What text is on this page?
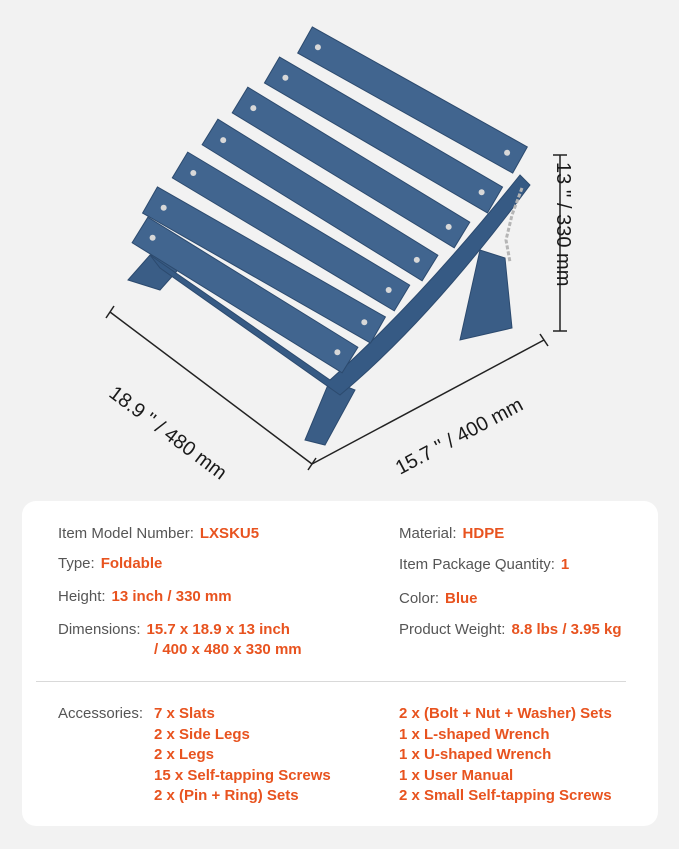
18.9 '' / 480 mm	15.7 '' / 400 mm
13 '' / 330 mm
Item Model Number: LXSKU5	Material: HDPE
Type: Foldable	Item Package Quantity: 1
Height: 13 inch / 330 mm	Color: Blue
Dimensions: 15.7 x 18.9 x 13 inch
/ 400 x 480 x 330 mm
Product Weight: 8.8 lbs / 3.95 kg
Accessories: 7 x Slats
2 x Side Legs
2 x Legs
15 x Self-tapping Screws
2 x (Pin + Ring) Sets
2 x (Bolt + Nut + Washer) Sets
1 x L-shaped Wrench
1 x U-shaped Wrench
1 x User Manual
2 x Small Self-tapping Screws
